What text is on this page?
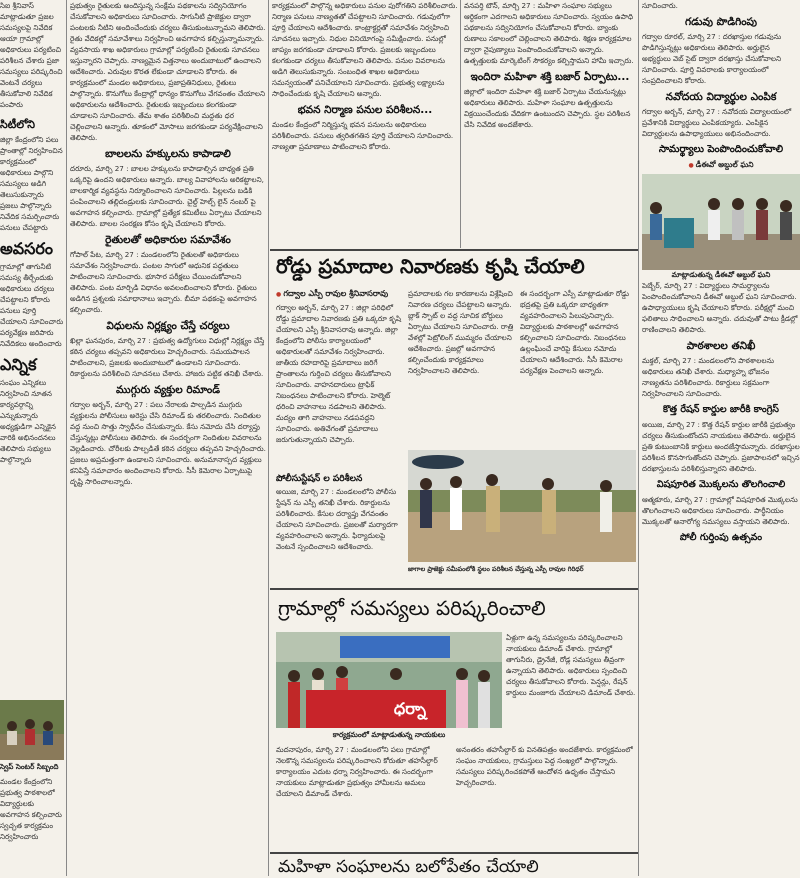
సిఐ శ్రీనివాస్ మాట్లాడుతూ ప్రజల సమస్యలపై నివేదిక

ఆయా గ్రామాల్లో అధికారులు పర్యటించి పరిశీలన చేశారు ప్రజా సమస్యలు పరిష్కరించి వెంటనే చర్యలు తీసుకోవాలి నివేదిక పంపారు

సిటీలోని

జిల్లా కేంద్రంలోని పలు ప్రాంతాల్లో నిర్వహించిన కార్యక్రమంలో అధికారులు పాల్గొని సమస్యలు అడిగి తెలుసుకున్నారు ప్రజలు పాల్గొన్నారు నివేదిక సమర్పించారు పనులు చేపట్టారు

అవసరం

గ్రామాల్లో తాగునీటి సమస్య తీర్చేందుకు అధికారులు చర్యలు చేపట్టాలని కోరారు పనులు పూర్తి చేయాలని సూచించారు పర్యవేక్షణ జరిపారు నివేదికలు అందించారు

ఎన్నిక

సంఘం ఎన్నికలు నిర్వహించి నూతన కార్యవర్గాన్ని ఎన్నుకున్నారు అధ్యక్షుడిగా ఎన్నికైన వారికి అభినందనలు తెలిపారు సభ్యులు పాల్గొన్నారు

స్వెప్ సెంటర్ సిబ్బంది

మండల కేంద్రంలోని ప్రభుత్వ పాఠశాలలో విద్యార్థులకు అవగాహన కల్పించారు స్వచ్ఛత కార్యక్రమం నిర్వహించారు

ప్రభుత్వం రైతులకు అందిస్తున్న సంక్షేమ పథకాలను సద్వినియోగం చేసుకోవాలని అధికారులు సూచించారు. సాగునీటి ప్రాజెక్టుల ద్వారా పంటలకు నీటిని అందించేందుకు చర్యలు తీసుకుంటున్నామని తెలిపారు. రైతు వేదికల్లో సమావేశాలు నిర్వహించి అవగాహన కల్పిస్తున్నామన్నారు. వ్యవసాయ శాఖ అధికారులు గ్రామాల్లో పర్యటించి రైతులకు సూచనలు ఇస్తున్నారని చెప్పారు. నాణ్యమైన విత్తనాలు అందుబాటులో ఉంచాలని ఆదేశించారు. ఎరువుల కొరత లేకుండా చూడాలని కోరారు. ఈ కార్యక్రమంలో మండల అధికారులు, ప్రజాప్రతినిధులు, రైతులు పాల్గొన్నారు. కొనుగోలు కేంద్రాల్లో ధాన్యం కొనుగోలు వేగవంతం చేయాలని అధికారులను ఆదేశించారు. రైతులకు ఇబ్బందులు కలగకుండా చూడాలని సూచించారు. తేమ శాతం పరిశీలించి మద్దతు ధర చెల్లించాలని అన్నారు. తూకంలో మోసాలు జరగకుండా పర్యవేక్షించాలని తెలిపారు.

బాలలను హక్కులను కాపాడాలి

దరూరు, మార్చి 27 : బాలల హక్కులను కాపాడాల్సిన బాధ్యత ప్రతి ఒక్కరిపై ఉందని అధికారులు అన్నారు. బాల్య వివాహాలను అరికట్టాలని, బాలకార్మిక వ్యవస్థను నిర్మూలించాలని సూచించారు. పిల్లలను బడికి పంపించాలని తల్లిదండ్రులకు సూచించారు. చైల్డ్ హెల్ప్ లైన్ నంబర్ పై అవగాహన కల్పించారు. గ్రామాల్లో ప్రత్యేక కమిటీలు ఏర్పాటు చేయాలని తెలిపారు. బాలల సంరక్షణ కోసం కృషి చేయాలని కోరారు.

రైతులతో అధికారుల సమావేశం

గోపాల్ పేట, మార్చి 27 : మండలంలోని రైతులతో అధికారులు సమావేశం నిర్వహించారు. పంటల సాగులో ఆధునిక పద్ధతులు పాటించాలని సూచించారు. భూసార పరీక్షలు చేయించుకోవాలని తెలిపారు. పంట మార్పిడి విధానం అవలంబించాలని కోరారు. రైతులు అడిగిన ప్రశ్నలకు సమాధానాలు ఇచ్చారు. బీమా పథకంపై అవగాహన కల్పించారు.

విధులను నిర్లక్ష్యం చేస్తే చర్యలు

ఖిల్లా ఘనపురం, మార్చి 27 : ప్రభుత్వ ఉద్యోగులు విధుల్లో నిర్లక్ష్యం చేస్తే కఠిన చర్యలు తప్పవని అధికారులు హెచ్చరించారు. సమయపాలన పాటించాలని, ప్రజలకు అందుబాటులో ఉండాలని సూచించారు. రికార్డులను పరిశీలించి సూచనలు చేశారు. హాజరు పట్టిక తనిఖీ చేశారు.

ముగ్గురు వ్యక్తుల రిమాండ్

గద్వాల అర్బన్, మార్చి 27 : పలు నేరాలకు పాల్పడిన ముగ్గురు వ్యక్తులను పోలీసులు అరెస్టు చేసి రిమాండ్ కు తరలించారు. నిందితుల వద్ద నుంచి సొత్తు స్వాధీనం చేసుకున్నారు. కేసు నమోదు చేసి దర్యాప్తు చేస్తున్నట్లు పోలీసులు తెలిపారు. ఈ సందర్భంగా నిందితుల వివరాలను వెల్లడించారు. చోరీలకు పాల్పడితే కఠిన చర్యలు తప్పవని హెచ్చరించారు. ప్రజలు అప్రమత్తంగా ఉండాలని సూచించారు. అనుమానాస్పద వ్యక్తులు కనిపిస్తే సమాచారం అందించాలని కోరారు. సీసీ కెమెరాల ఏర్పాటుపై దృష్టి సారించాలన్నారు.

కార్యక్రమంలో పాల్గొన్న అధికారులు పనుల పురోగతిని పరిశీలించారు. నిర్మాణ పనులు నాణ్యతతో చేపట్టాలని సూచించారు. గడువులోగా పూర్తి చేయాలని ఆదేశించారు. కాంట్రాక్టర్లతో సమావేశం నిర్వహించి సూచనలు ఇచ్చారు. నిధుల వినియోగంపై సమీక్షించారు. పనుల్లో జాప్యం జరగకుండా చూడాలని కోరారు. ప్రజలకు ఇబ్బందులు కలగకుండా చర్యలు తీసుకోవాలని తెలిపారు. పనుల వివరాలను అడిగి తెలుసుకున్నారు. సంబంధిత శాఖల అధికారులు సమన్వయంతో పనిచేయాలని సూచించారు. ప్రభుత్వ లక్ష్యాలను సాధించేందుకు కృషి చేయాలని అన్నారు.

భవన నిర్మాణ పనుల పరిశీలన...

మండల కేంద్రంలో నిర్మిస్తున్న భవన పనులను అధికారులు పరిశీలించారు. పనులు త్వరితగతిన పూర్తి చేయాలని సూచించారు. నాణ్యతా ప్రమాణాలు పాటించాలని కోరారు.

వనపర్తి టౌన్, మార్చి 27 : మహిళా సంఘాల సభ్యులు ఆర్థికంగా ఎదగాలని అధికారులు సూచించారు. స్వయం ఉపాధి పథకాలను సద్వినియోగం చేసుకోవాలని కోరారు. బ్యాంకు రుణాలు సకాలంలో చెల్లించాలని తెలిపారు. శిక్షణ కార్యక్రమాల ద్వారా నైపుణ్యాలు పెంపొందించుకోవాలని అన్నారు. ఉత్పత్తులకు మార్కెటింగ్ సౌకర్యం కల్పిస్తామని హామీ ఇచ్చారు.

ఇందిరా మహిళా శక్తి బజార్ ఏర్పాటు...

జిల్లాలో ఇందిరా మహిళా శక్తి బజార్ ఏర్పాటు చేయనున్నట్లు అధికారులు తెలిపారు. మహిళా సంఘాల ఉత్పత్తులను విక్రయించేందుకు వేదికగా ఉంటుందని చెప్పారు. స్థల పరిశీలన చేసి నివేదిక అందజేశారు.

సూచించారు.

గడువు పొడిగింపు

గద్వాల రూరల్, మార్చి 27 : దరఖాస్తుల గడువును పొడిగిస్తున్నట్లు అధికారులు తెలిపారు. అర్హులైన అభ్యర్థులు వెబ్ సైట్ ద్వారా దరఖాస్తు చేసుకోవాలని సూచించారు. పూర్తి వివరాలకు కార్యాలయంలో సంప్రదించాలని కోరారు.

నవోదయ విద్యార్థుల ఎంపిక

గద్వాల అర్బన్, మార్చి 27 : నవోదయ విద్యాలయంలో ప్రవేశానికి విద్యార్థులు ఎంపికయ్యారు. ఎంపికైన విద్యార్థులను ఉపాధ్యాయులు అభినందించారు.

సామర్థ్యాలు పెంపొందించుకోవాలి
● డీఈవో అబ్దుల్ ఘని
మాట్లాడుతున్న డీఈవో అబ్దుల్ ఘని

పెబ్బేర్, మార్చి 27 : విద్యార్థులు సామర్థ్యాలను పెంపొందించుకోవాలని డీఈవో అబ్దుల్ ఘని సూచించారు. ఉపాధ్యాయులు కృషి చేయాలని కోరారు. పరీక్షల్లో మంచి ఫలితాలు సాధించాలని అన్నారు. చదువుతో పాటు క్రీడల్లో రాణించాలని తెలిపారు.

పాఠశాలల తనిఖీ

మక్తల్, మార్చి 27 : మండలంలోని పాఠశాలలను అధికారులు తనిఖీ చేశారు. మధ్యాహ్న భోజనం నాణ్యతను పరిశీలించారు. రికార్డులు సక్రమంగా నిర్వహించాలని సూచించారు.

కొత్త రేషన్ కార్డుల జారీకి కాంగ్రెస్

అయిజ, మార్చి 27 : కొత్త రేషన్ కార్డుల జారీకి ప్రభుత్వం చర్యలు తీసుకుంటోందని నాయకులు తెలిపారు. అర్హులైన ప్రతి కుటుంబానికి కార్డులు అందజేస్తామన్నారు. దరఖాస్తుల పరిశీలన కొనసాగుతోందని చెప్పారు. ప్రజాపాలనలో ఇచ్చిన దరఖాస్తులను పరిశీలిస్తున్నారని తెలిపారు.

విషపూరిత మొక్కలను తొలగించాలి

ఆత్మకూరు, మార్చి 27 : గ్రామాల్లో విషపూరిత మొక్కలను తొలగించాలని అధికారులు సూచించారు. పార్థీనియం మొక్కలతో అనారోగ్య సమస్యలు వస్తాయని తెలిపారు.

పోలీ గుర్తింపు ఉత్సవం
రోడ్డు ప్రమాదాల నివారణకు కృషి చేయాలి
● గద్వాల ఎస్పీ రావుల శ్రీనివాసరావు

గద్వాల అర్బన్, మార్చి 27 : జిల్లా పరిధిలో రోడ్డు ప్రమాదాల నివారణకు ప్రతి ఒక్కరూ కృషి చేయాలని ఎస్పీ శ్రీనివాసరావు అన్నారు. జిల్లా కేంద్రంలోని పోలీసు కార్యాలయంలో అధికారులతో సమావేశం నిర్వహించారు. జాతీయ రహదారిపై ప్రమాదాలు జరిగే ప్రాంతాలను గుర్తించి చర్యలు తీసుకోవాలని సూచించారు. వాహనదారులు ట్రాఫిక్ నిబంధనలు పాటించాలని కోరారు. హెల్మెట్ ధరించి వాహనాలు నడపాలని తెలిపారు. మద్యం తాగి వాహనాలు నడపవద్దని సూచించారు. అతివేగంతో ప్రమాదాలు జరుగుతున్నాయని చెప్పారు.

ప్రమాదాలకు గల కారణాలను విశ్లేషించి నివారణ చర్యలు చేపట్టాలని అన్నారు. బ్లాక్ స్పాట్ ల వద్ద సూచిక బోర్డులు ఏర్పాటు చేయాలని సూచించారు. రాత్రి వేళల్లో పెట్రోలింగ్ ముమ్మరం చేయాలని ఆదేశించారు. ప్రజల్లో అవగాహన కల్పించేందుకు కార్యక్రమాలు నిర్వహించాలని తెలిపారు.

ఈ సందర్భంగా ఎస్పీ మాట్లాడుతూ రోడ్డు భద్రతపై ప్రతి ఒక్కరూ బాధ్యతగా వ్యవహరించాలని పిలుపునిచ్చారు. విద్యార్థులకు పాఠశాలల్లో అవగాహన కల్పించాలని సూచించారు. నిబంధనలు ఉల్లంఘించే వారిపై కేసులు నమోదు చేయాలని ఆదేశించారు. సీసీ కెమెరాల పర్యవేక్షణ పెంచాలని అన్నారు.

పోలీసుస్టేషన్ ల పరిశీలన

అయిజ, మార్చి 27 : మండలంలోని పోలీసు స్టేషన్ ను ఎస్పీ తనిఖీ చేశారు. రికార్డులను పరిశీలించారు. కేసుల దర్యాప్తు వేగవంతం చేయాలని సూచించారు. ప్రజలతో మర్యాదగా వ్యవహరించాలని అన్నారు. ఫిర్యాదులపై వెంటనే స్పందించాలని ఆదేశించారు.

జాగాల ప్రాజెక్టు సమీపంలోకి స్థలం పరిశీలన చేస్తున్న ఎస్పీ రావుల గిరిధర్
గ్రామాల్లో సమస్యలు పరిష్కరించాలి
ధర్నా
కార్యక్రమంలో మాట్లాడుతున్న నాయకులు

ఏళ్లుగా ఉన్న సమస్యలను పరిష్కరించాలని నాయకులు డిమాండ్ చేశారు. గ్రామాల్లో తాగునీరు, డ్రైనేజీ, రోడ్ల సమస్యలు తీవ్రంగా ఉన్నాయని తెలిపారు. అధికారులు స్పందించి చర్యలు తీసుకోవాలని కోరారు. పెన్షన్లు, రేషన్ కార్డులు మంజూరు చేయాలని డిమాండ్ చేశారు.

మదనాపురం, మార్చి 27 : మండలంలోని పలు గ్రామాల్లో నెలకొన్న సమస్యలను పరిష్కరించాలని కోరుతూ తహసీల్దార్ కార్యాలయం ఎదుట ధర్నా నిర్వహించారు. ఈ సందర్భంగా నాయకులు మాట్లాడుతూ ప్రభుత్వం హామీలను అమలు చేయాలని డిమాండ్ చేశారు.

అనంతరం తహసీల్దార్ కు వినతిపత్రం అందజేశారు. కార్యక్రమంలో సంఘం నాయకులు, గ్రామస్తులు పెద్ద సంఖ్యలో పాల్గొన్నారు. సమస్యలు పరిష్కరించకపోతే ఆందోళన ఉధృతం చేస్తామని హెచ్చరించారు.

మహిళా సంఘాలను బలోపేతం చేయాలి
